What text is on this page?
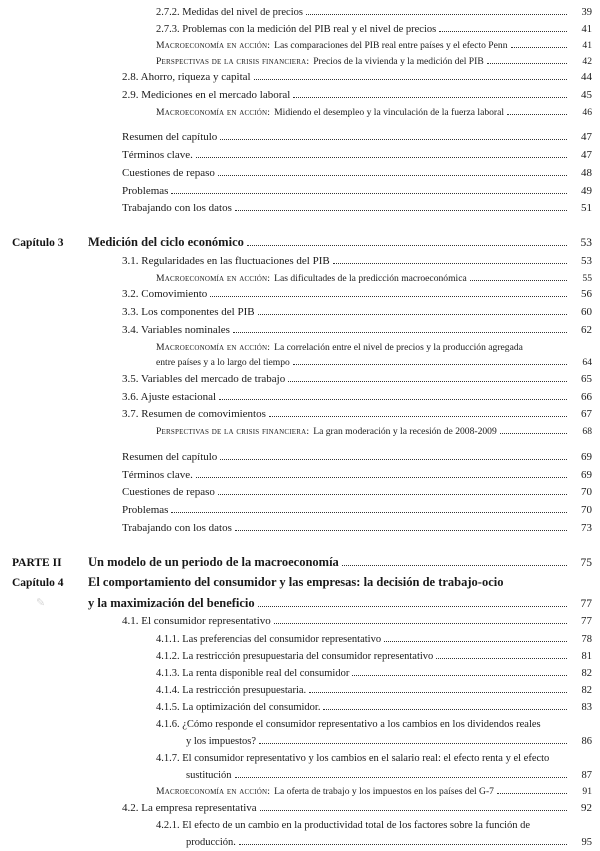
✎
2.7.2. Medidas del nivel de precios	39
2.7.3. Problemas con la medición del PIB real y el nivel de precios	41
Macroeconomía en acción: Las comparaciones del PIB real entre países y el efecto Penn	41
Perspectivas de la crisis financiera: Precios de la vivienda y la medición del PIB	42
2.8. Ahorro, riqueza y capital	44
2.9. Mediciones en el mercado laboral	45
Macroeconomía en acción: Midiendo el desempleo y la vinculación de la fuerza laboral	46
Resumen del capítulo	47
Términos clave.	47
Cuestiones de repaso	48
Problemas	49
Trabajando con los datos	51
Capítulo 3	Medición del ciclo económico	53
3.1. Regularidades en las fluctuaciones del PIB	53
Macroeconomía en acción: Las dificultades de la predicción macroeconómica	55
3.2. Comovimiento	56
3.3. Los componentes del PIB	60
3.4. Variables nominales	62
Macroeconomía en acción: La correlación entre el nivel de precios y la producción agregada
entre países y a lo largo del tiempo	64
3.5. Variables del mercado de trabajo	65
3.6. Ajuste estacional	66
3.7. Resumen de comovimientos	67
Perspectivas de la crisis financiera: La gran moderación y la recesión de 2008-2009	68
Resumen del capítulo	69
Términos clave.	69
Cuestiones de repaso	70
Problemas	70
Trabajando con los datos	73
PARTE II	Un modelo de un periodo de la macroeconomía	75
Capítulo 4	El comportamiento del consumidor y las empresas: la decisión de trabajo-ocio
y la maximización del beneficio	77
4.1. El consumidor representativo	77
4.1.1. Las preferencias del consumidor representativo	78
4.1.2. La restricción presupuestaria del consumidor representativo	81
4.1.3. La renta disponible real del consumidor	82
4.1.4. La restricción presupuestaria.	82
4.1.5. La optimización del consumidor.	83
4.1.6. ¿Cómo responde el consumidor representativo a los cambios en los dividendos reales
y los impuestos?	86
4.1.7. El consumidor representativo y los cambios en el salario real: el efecto renta y el efecto
sustitución	87
Macroeconomía en acción: La oferta de trabajo y los impuestos en los países del G-7	91
4.2. La empresa representativa	92
4.2.1. El efecto de un cambio en la productividad total de los factores sobre la función de
producción.	95
